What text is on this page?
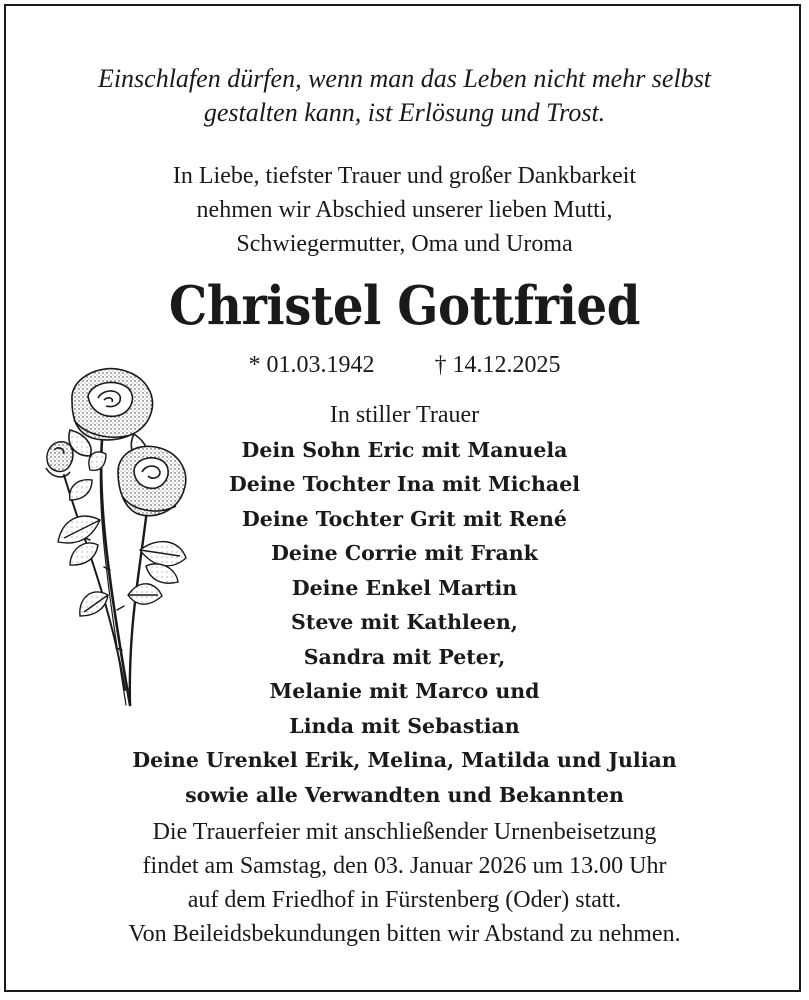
Einschlafen dürfen, wenn man das Leben nicht mehr selbst
gestalten kann, ist Erlösung und Trost.
In Liebe, tiefster Trauer und großer Dankbarkeit
nehmen wir Abschied unserer lieben Mutti,
Schwiegermutter, Oma und Uroma
Christel Gottfried
* 01.03.1942	† 14.12.2025
In stiller Trauer
Dein Sohn Eric mit Manuela
Deine Tochter Ina mit Michael
Deine Tochter Grit mit René
Deine Corrie mit Frank
Deine Enkel Martin
Steve mit Kathleen,
Sandra mit Peter,
Melanie mit Marco und
Linda mit Sebastian
Deine Urenkel Erik, Melina, Matilda und Julian
sowie alle Verwandten und Bekannten
Die Trauerfeier mit anschließender Urnenbeisetzung
findet am Samstag, den 03. Januar 2026 um 13.00 Uhr
auf dem Friedhof in Fürstenberg (Oder) statt.
Von Beileidsbekundungen bitten wir Abstand zu nehmen.
